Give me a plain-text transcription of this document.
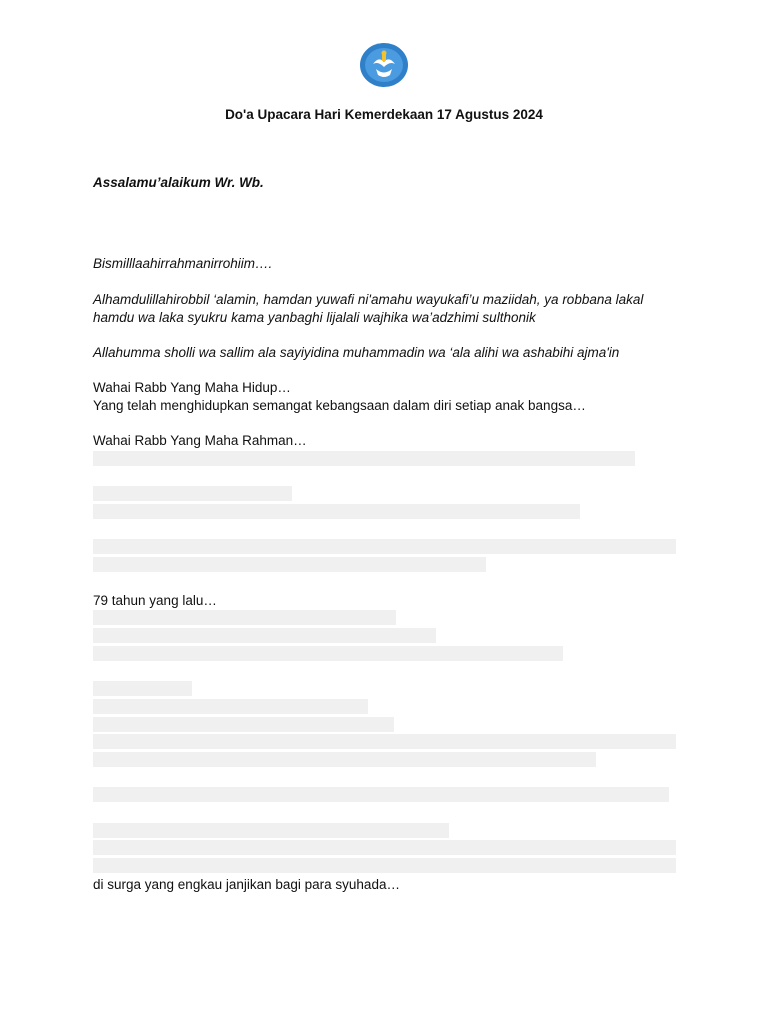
Do'a Upacara Hari Kemerdekaan 17 Agustus 2024
Assalamu’alaikum Wr. Wb.
Bismilllaahirrahmanirrohiim….
Alhamdulillahirobbil ‘alamin, hamdan yuwafi ni'amahu wayukafi’u maziidah, ya robbana lakal
hamdu wa laka syukru kama yanbaghi lijalali wajhika wa’adzhimi sulthonik
Allahumma sholli wa sallim ala sayiyidina muhammadin wa ‘ala alihi wa ashabihi ajma'in
Wahai Rabb Yang Maha Hidup…
Yang telah menghidupkan semangat kebangsaan dalam diri setiap anak bangsa…
Wahai Rabb Yang Maha Rahman…
79 tahun yang lalu…
di surga yang engkau janjikan bagi para syuhada…
